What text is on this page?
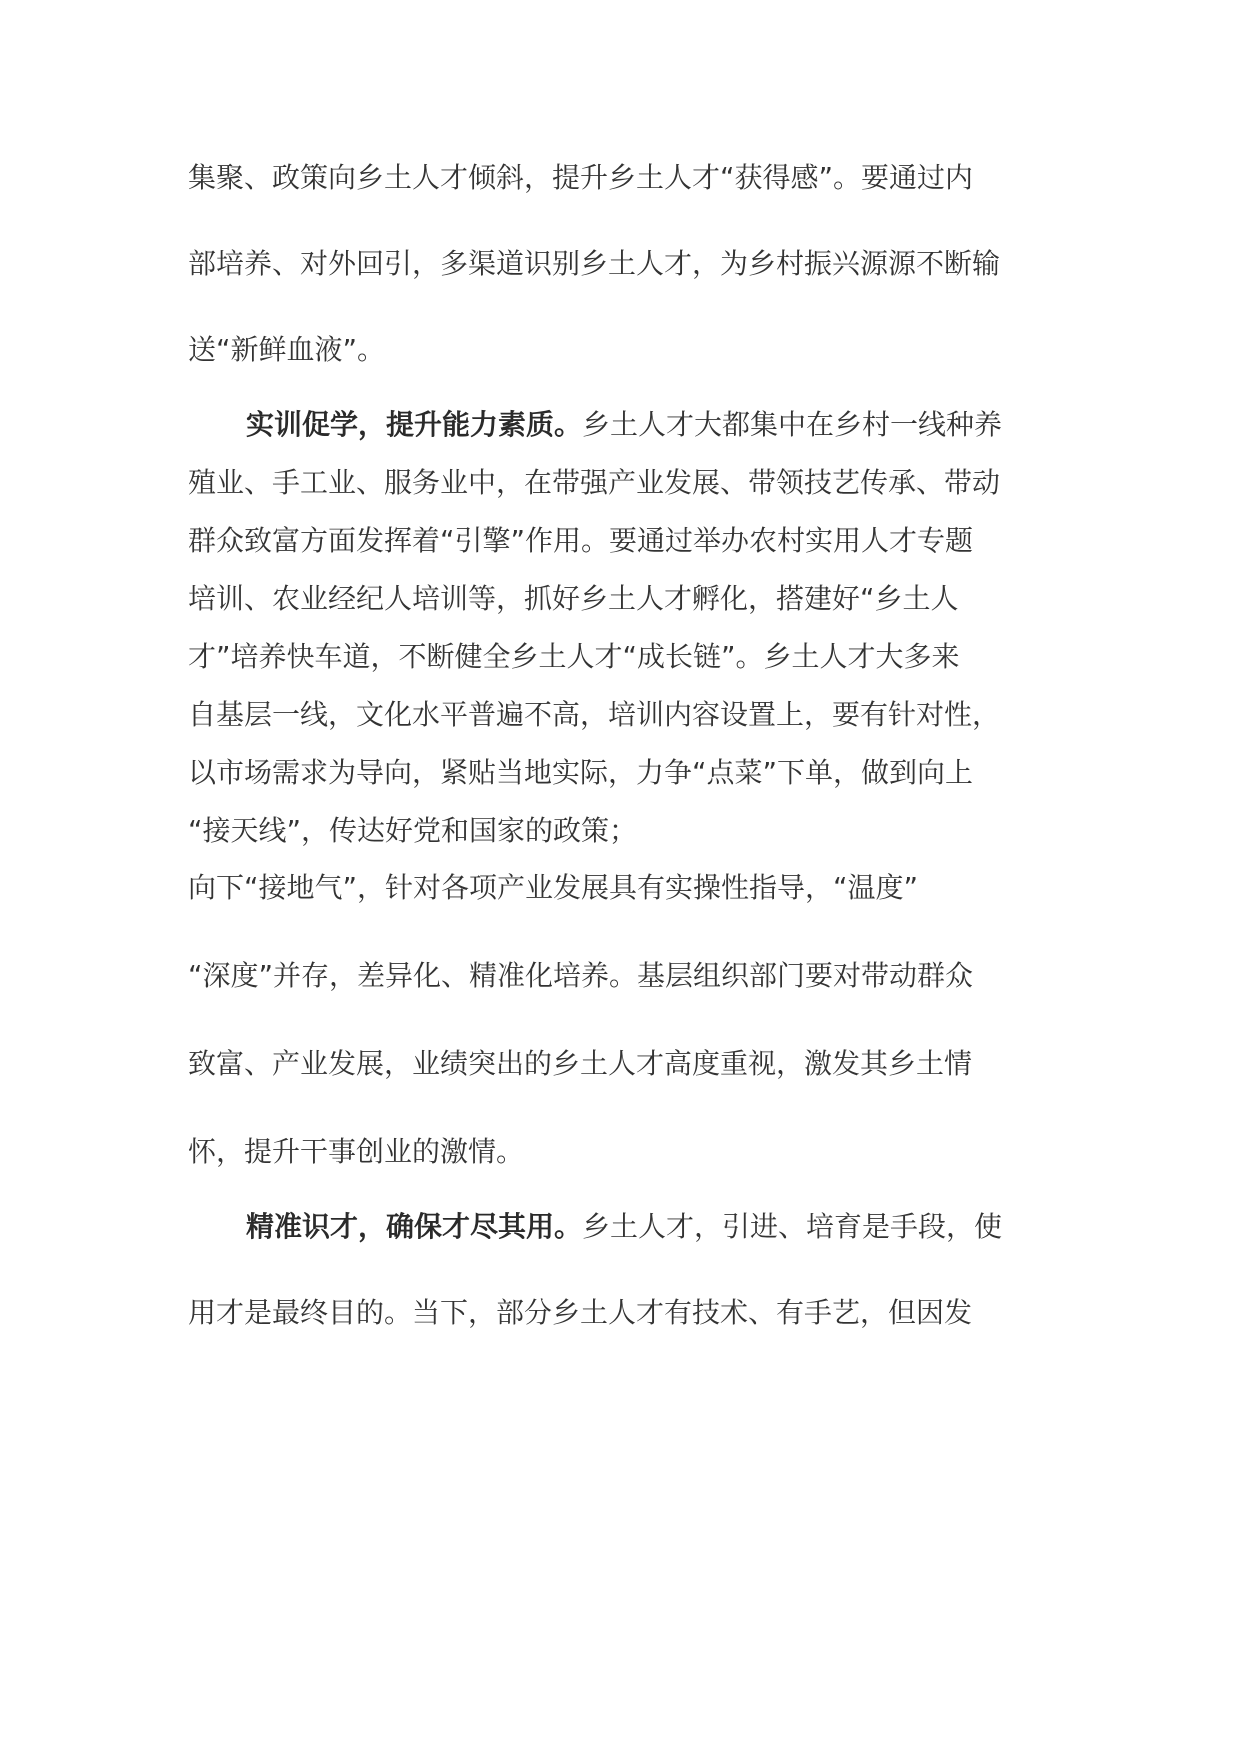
集聚、政策向乡土人才倾斜，提升乡土人才“获得感”。要通过内
部培养、对外回引，多渠道识别乡土人才，为乡村振兴源源不断输
送“新鲜血液”。
实训促学，提升能力素质。乡土人才大都集中在乡村一线种养
殖业、手工业、服务业中，在带强产业发展、带领技艺传承、带动
群众致富方面发挥着“引擎”作用。要通过举办农村实用人才专题
培训、农业经纪人培训等，抓好乡土人才孵化，搭建好“乡土人
才”培养快车道，不断健全乡土人才“成长链”。乡土人才大多来
自基层一线，文化水平普遍不高，培训内容设置上，要有针对性，
以市场需求为导向，紧贴当地实际，力争“点菜”下单，做到向上
“接天线”，传达好党和国家的政策；
向下“接地气”，针对各项产业发展具有实操性指导，“温度”
“深度”并存，差异化、精准化培养。基层组织部门要对带动群众
致富、产业发展，业绩突出的乡土人才高度重视，激发其乡土情
怀，提升干事创业的激情。
精准识才，确保才尽其用。乡土人才，引进、培育是手段，使
用才是最终目的。当下，部分乡土人才有技术、有手艺，但因发
